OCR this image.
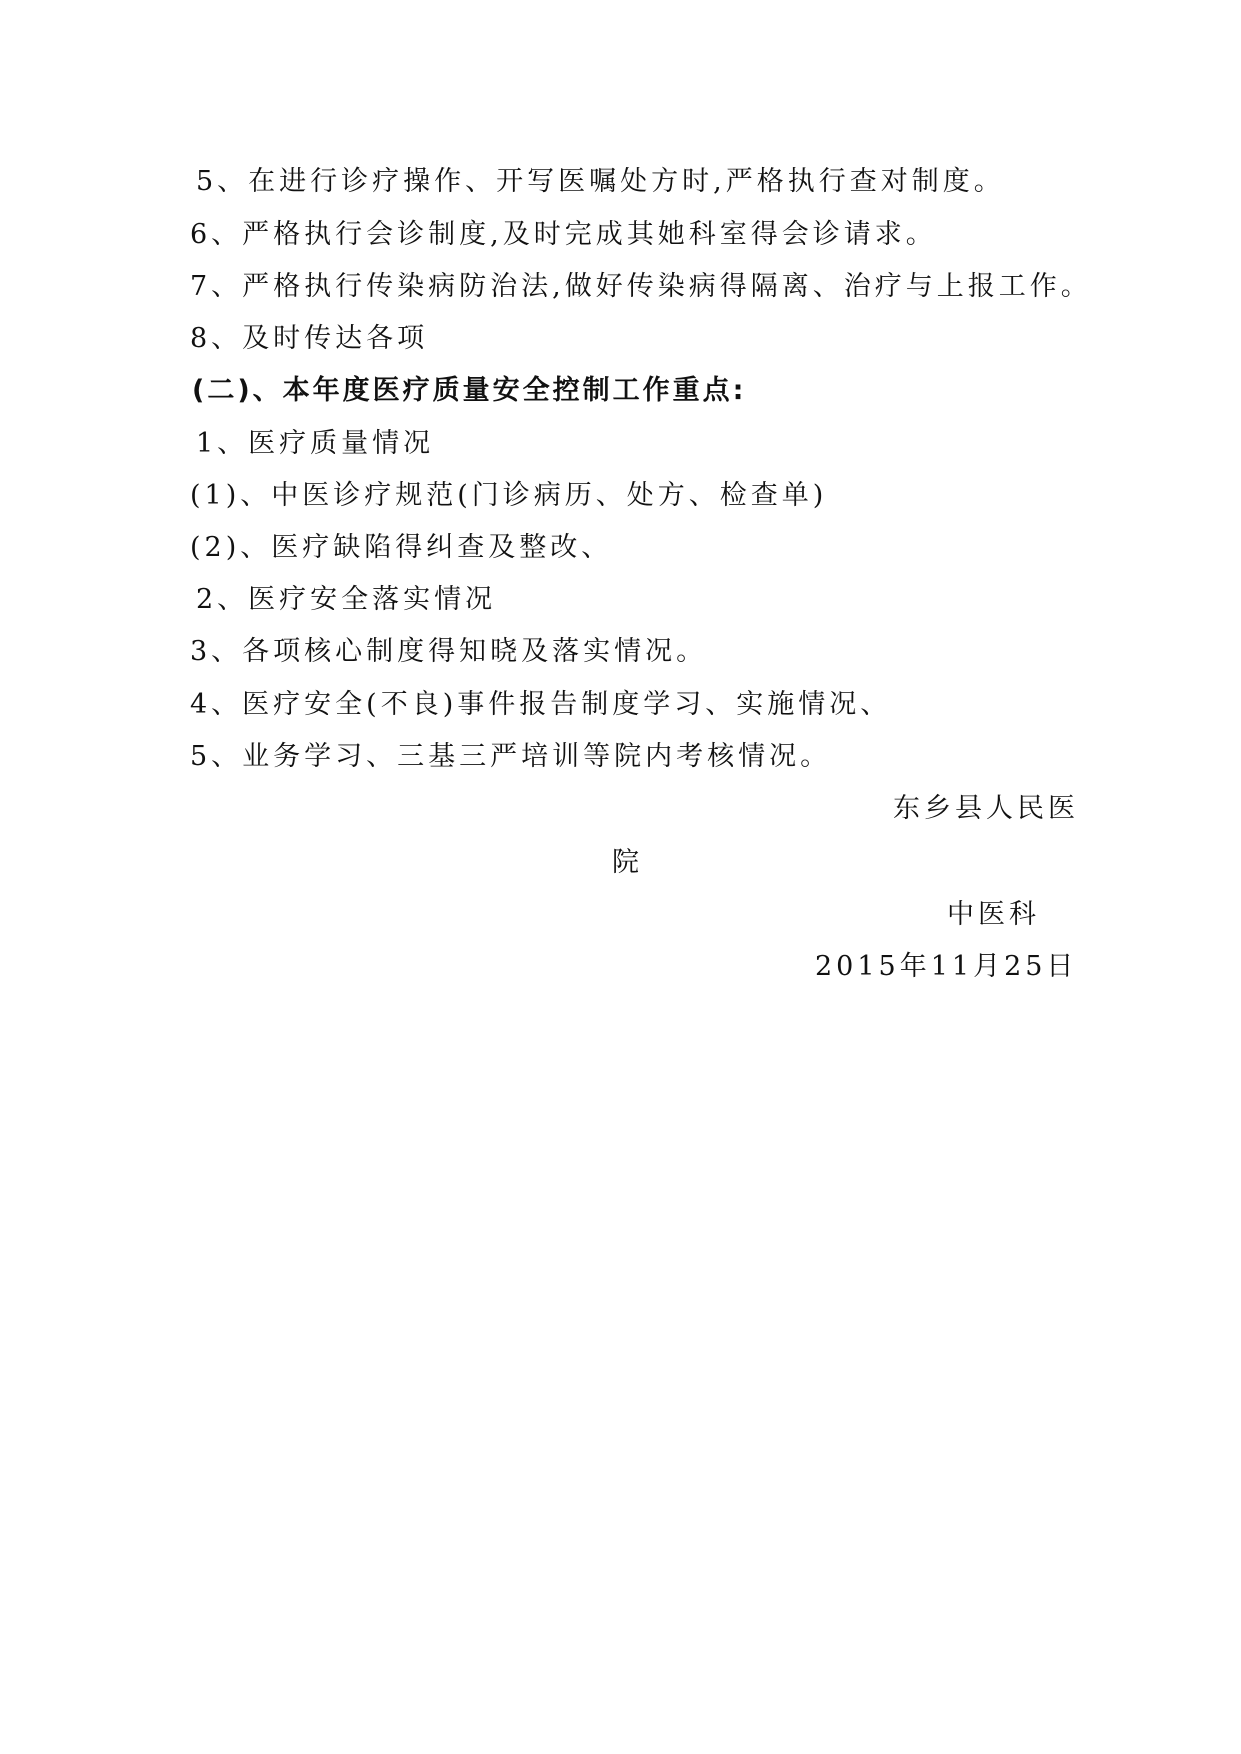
5、在进行诊疗操作、开写医嘱处方时,严格执行查对制度。
6、严格执行会诊制度,及时完成其她科室得会诊请求。
7、严格执行传染病防治法,做好传染病得隔离、治疗与上报工作。
8、及时传达各项
(二)、本年度医疗质量安全控制工作重点:
1、医疗质量情况
(1)、中医诊疗规范(门诊病历、处方、检查单)
(2)、医疗缺陷得纠查及整改、
2、医疗安全落实情况
3、各项核心制度得知晓及落实情况。
4、医疗安全(不良)事件报告制度学习、实施情况、
5、业务学习、三基三严培训等院内考核情况。
东乡县人民医
院
中医科
2015年11月25日
